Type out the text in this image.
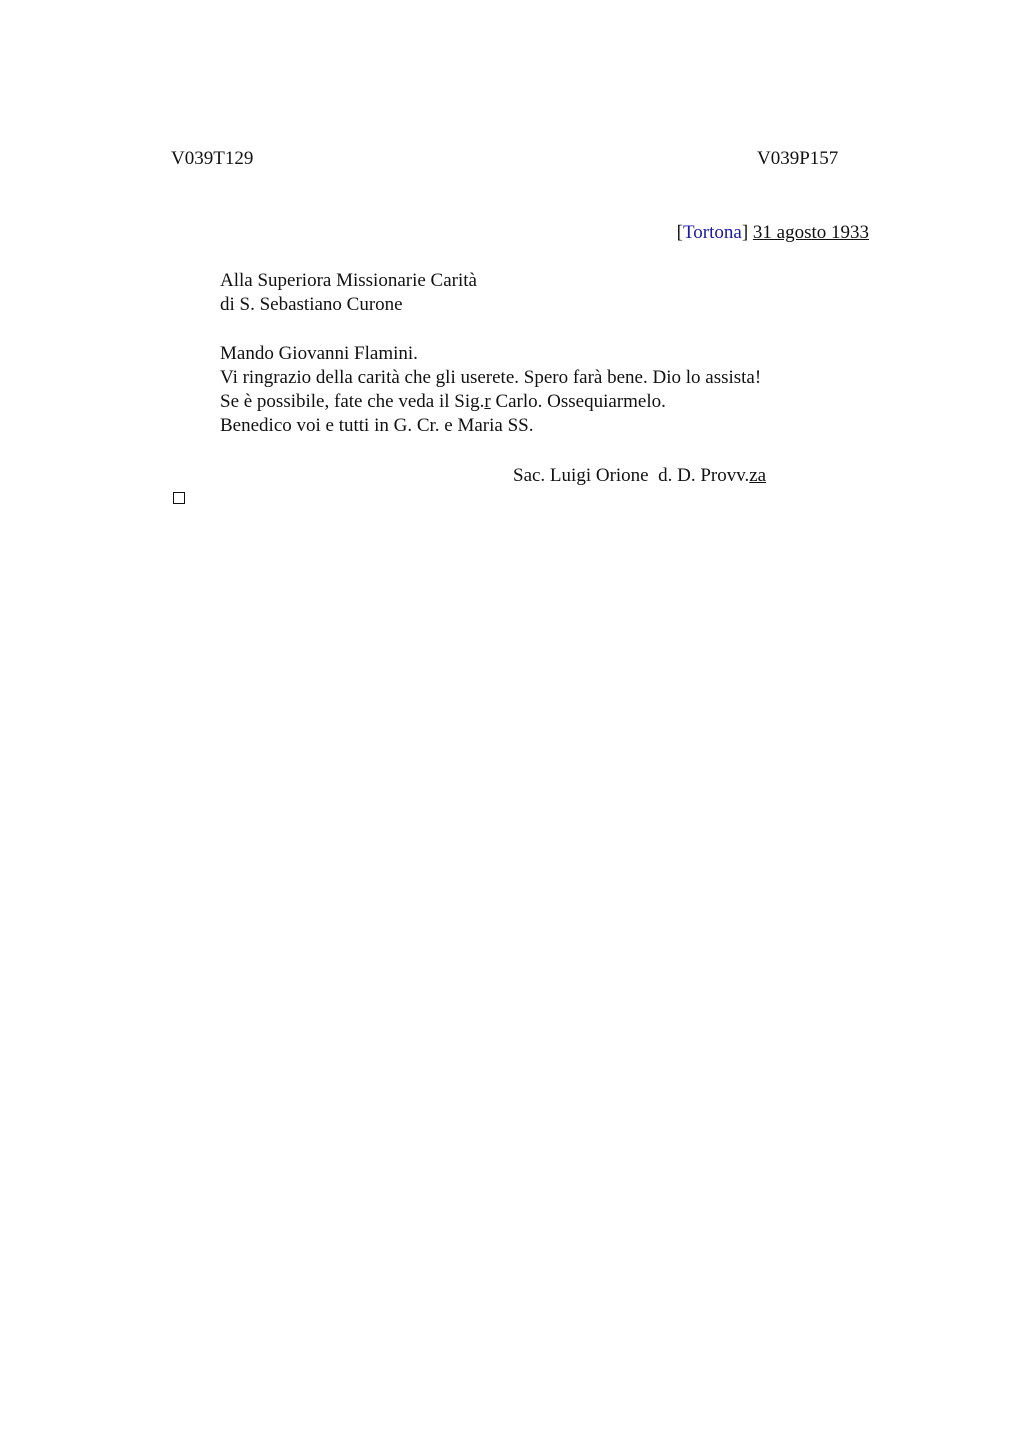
V039T129	V039P157
[Tortona] 31 agosto 1933
Alla Superiora Missionarie Carità
di S. Sebastiano Curone
Mando Giovanni Flamini.
Vi ringrazio della carità che gli userete. Spero farà bene. Dio lo assista!
Se è possibile, fate che veda il Sig.r Carlo. Ossequiarmelo.
Benedico voi e tutti in G. Cr. e Maria SS.
Sac. Luigi Orione  d. D. Provv.za
